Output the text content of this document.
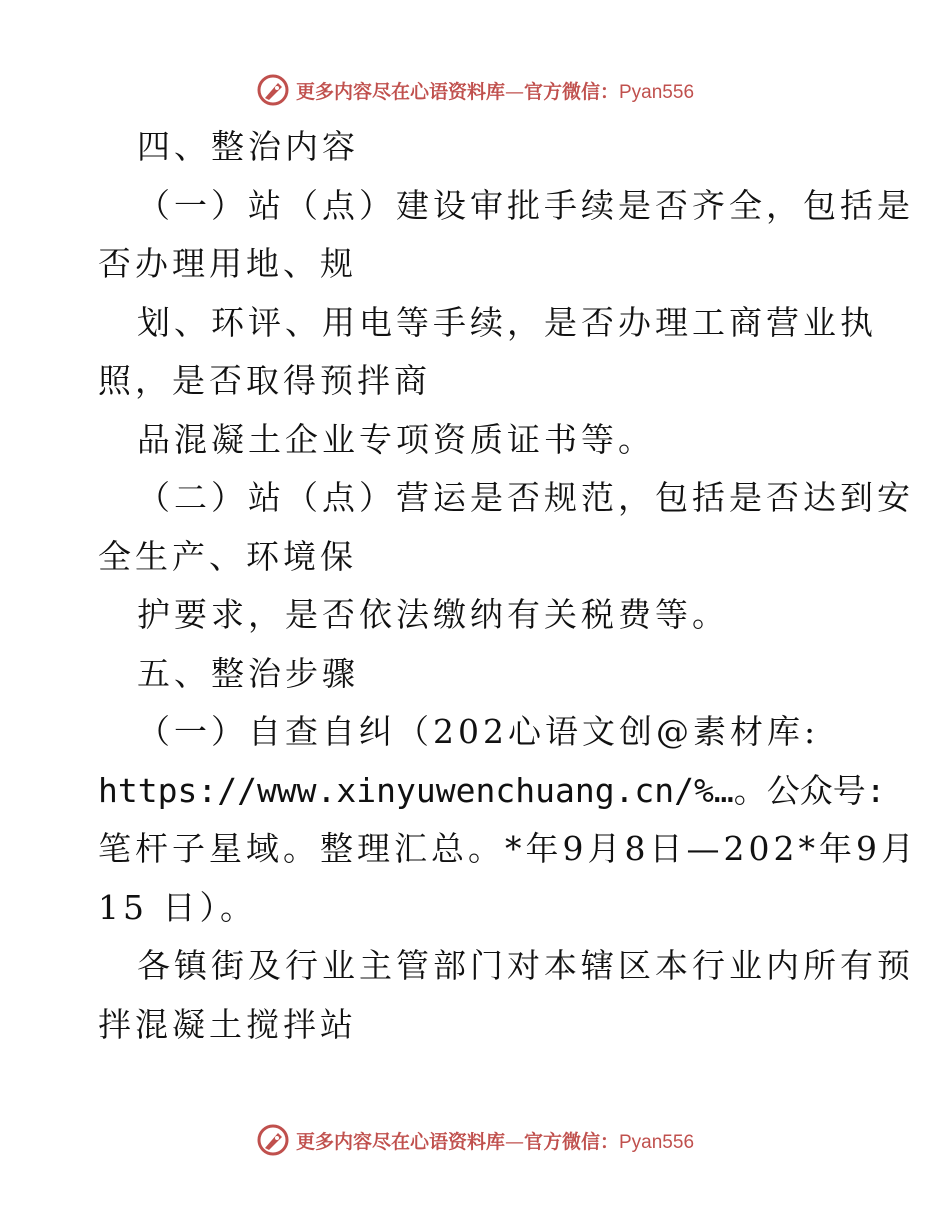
更多内容尽在心语资料库—官方微信：Pyan556
四、整治内容
（一）站（点）建设审批手续是否齐全，包括是
否办理用地、规
划、环评、用电等手续，是否办理工商营业执
照，是否取得预拌商
品混凝土企业专项资质证书等。
（二）站（点）营运是否规范，包括是否达到安
全生产、环境保
护要求，是否依法缴纳有关税费等。
五、整治步骤
（一）自查自纠（202心语文创@素材库:
https://www.xinyuwenchuang.cn/%…。公众号:
笔杆子星域。整理汇总。*年9月8日—202*年9月
15 日）。
各镇街及行业主管部门对本辖区本行业内所有预
拌混凝土搅拌站
更多内容尽在心语资料库—官方微信：Pyan556
